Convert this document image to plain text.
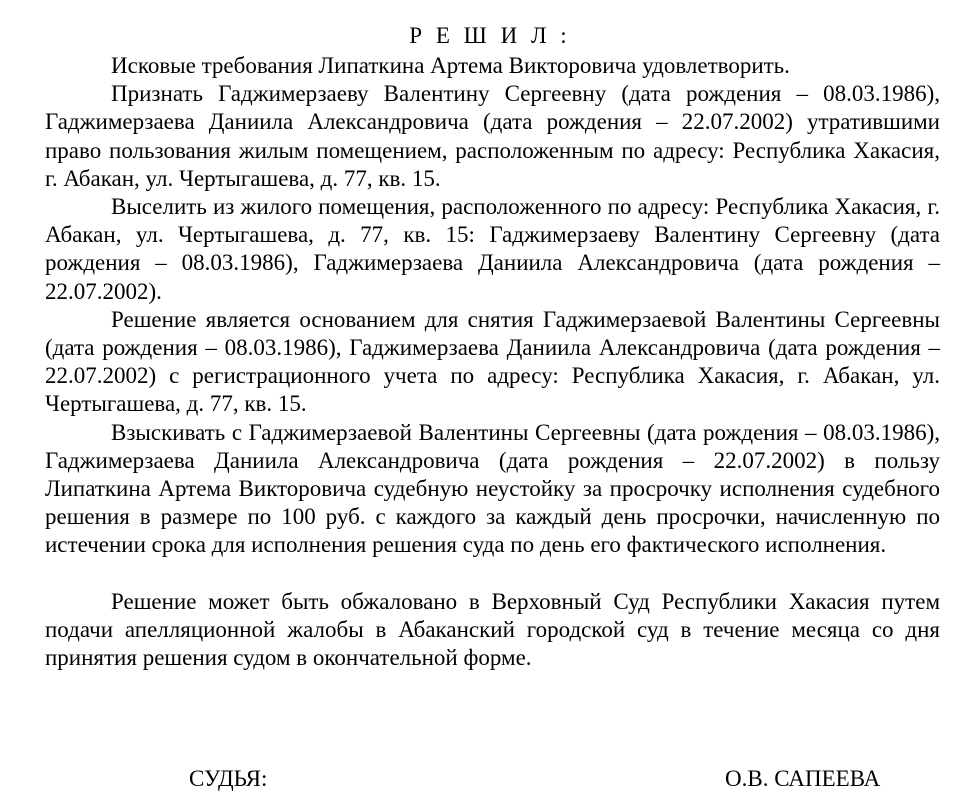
Р Е Ш И Л :

Исковые требования Липаткина Артема Викторовича удовлетворить.

Признать Гаджимерзаеву Валентину Сергеевну (дата рождения – 08.03.1986), Гаджимерзаева Даниила Александровича (дата рождения – 22.07.2002) утратившими право пользования жилым помещением, расположенным по адресу: Республика Хакасия, г. Абакан, ул. Чертыгашева, д. 77, кв. 15.

Выселить из жилого помещения, расположенного по адресу: Республика Хакасия, г. Абакан, ул. Чертыгашева, д. 77, кв. 15: Гаджимерзаеву Валентину Сергеевну (дата рождения – 08.03.1986), Гаджимерзаева Даниила Александровича (дата рождения – 22.07.2002).

Решение является основанием для снятия Гаджимерзаевой Валентины Сергеевны (дата рождения – 08.03.1986), Гаджимерзаева Даниила Александровича (дата рождения – 22.07.2002) с регистрационного учета по адресу: Республика Хакасия, г. Абакан, ул. Чертыгашева, д. 77, кв. 15.

Взыскивать с Гаджимерзаевой Валентины Сергеевны (дата рождения – 08.03.1986), Гаджимерзаева Даниила Александровича (дата рождения – 22.07.2002) в пользу Липаткина Артема Викторовича судебную неустойку за просрочку исполнения судебного решения в размере по 100 руб. с каждого за каждый день просрочки, начисленную по истечении срока для исполнения решения суда по день его фактического исполнения.

Решение может быть обжаловано в Верховный Суд Республики Хакасия путем подачи апелляционной жалобы в Абаканский городской суд в течение месяца со дня принятия решения судом в окончательной форме.

СУДЬЯ:	О.В. САПЕЕВА
